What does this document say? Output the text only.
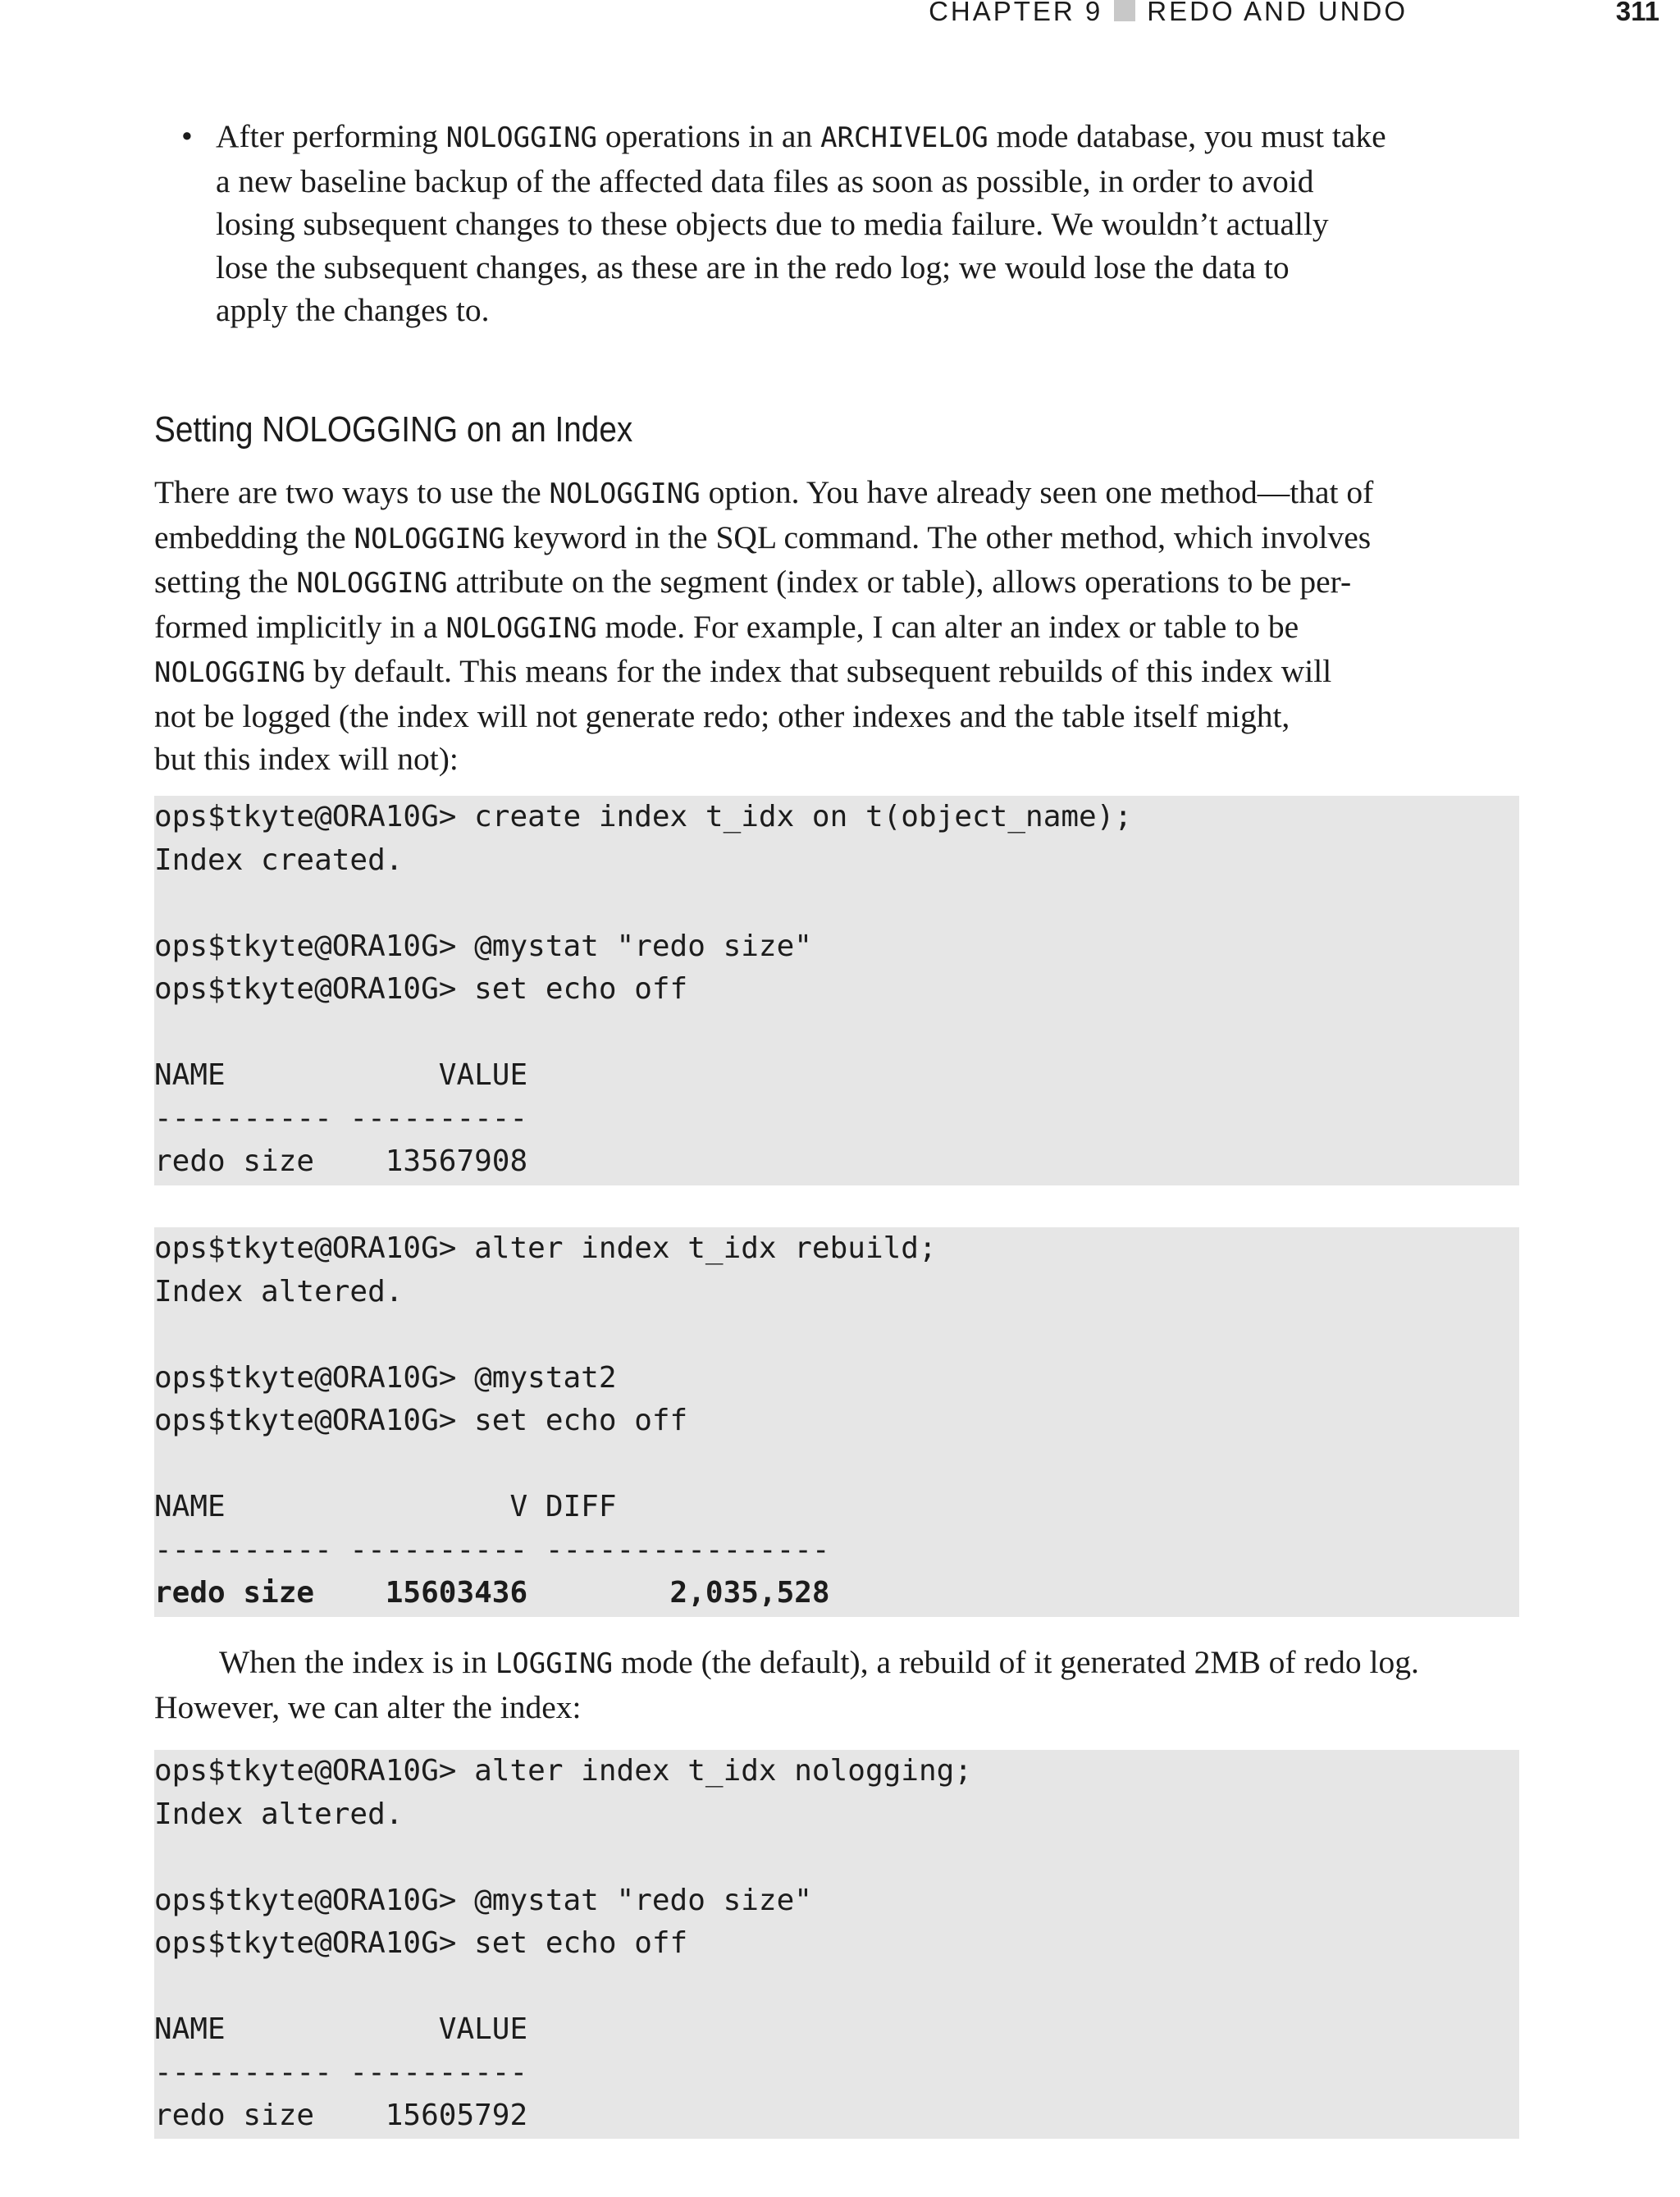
CHAPTER 9 REDO AND UNDO	311
• After performing NOLOGGING operations in an ARCHIVELOG mode database, you must take
a new baseline backup of the affected data files as soon as possible, in order to avoid
losing subsequent changes to these objects due to media failure. We wouldn’t actually
lose the subsequent changes, as these are in the redo log; we would lose the data to
apply the changes to.
Setting NOLOGGING on an Index
There are two ways to use the NOLOGGING option. You have already seen one method—that of
embedding the NOLOGGING keyword in the SQL command. The other method, which involves
setting the NOLOGGING attribute on the segment (index or table), allows operations to be per-
formed implicitly in a NOLOGGING mode. For example, I can alter an index or table to be
NOLOGGING by default. This means for the index that subsequent rebuilds of this index will
not be logged (the index will not generate redo; other indexes and the table itself might,
but this index will not):
ops$tkyte@ORA10G> create index t_idx on t(object_name);
Index created.
ops$tkyte@ORA10G> @mystat "redo size"
ops$tkyte@ORA10G> set echo off
NAME            VALUE
---------- ----------
redo size    13567908
ops$tkyte@ORA10G> alter index t_idx rebuild;
Index altered.
ops$tkyte@ORA10G> @mystat2
ops$tkyte@ORA10G> set echo off
NAME                V DIFF
---------- ---------- ----------------
redo size    15603436        2,035,528
When the index is in LOGGING mode (the default), a rebuild of it generated 2MB of redo log.
However, we can alter the index:
ops$tkyte@ORA10G> alter index t_idx nologging;
Index altered.
ops$tkyte@ORA10G> @mystat "redo size"
ops$tkyte@ORA10G> set echo off
NAME            VALUE
---------- ----------
redo size    15605792
